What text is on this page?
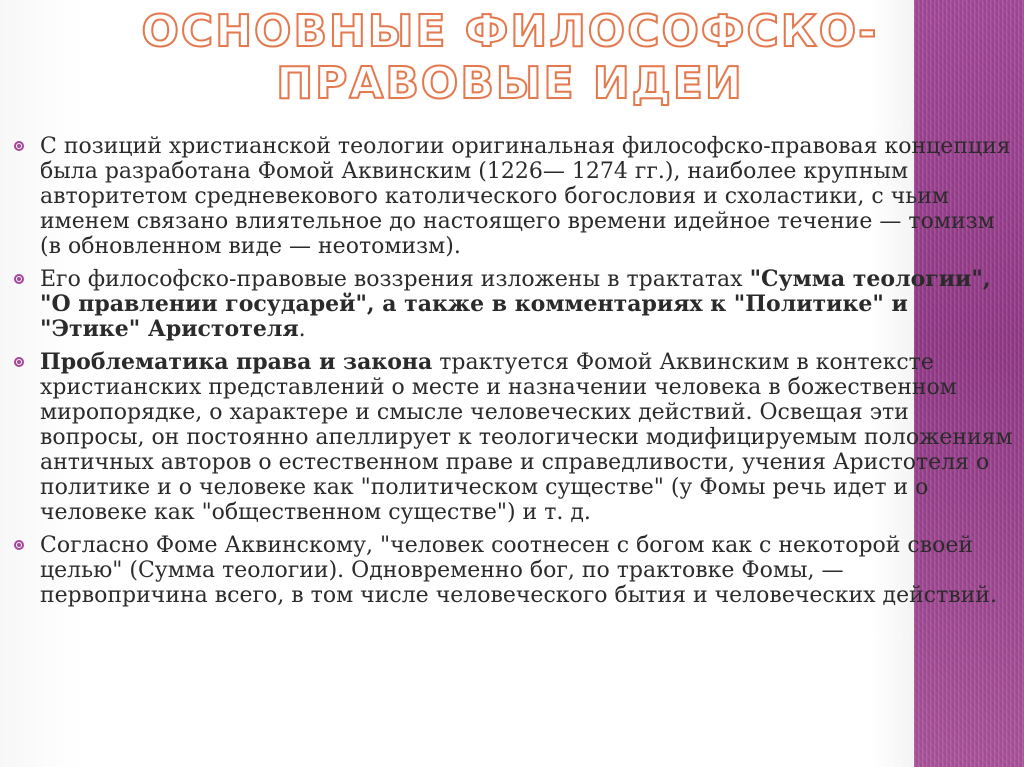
ОСНОВНЫЕ ФИЛОСОФСКО-
ПРАВОВЫЕ ИДЕИ
С позиций христианской теологии оригинальная философско-правовая концепция была разработана Фомой Аквинским (1226— 1274 гг.), наиболее крупным авторитетом средневекового католического богословия и схоластики, с чьим именем связано влиятельное до настоящего времени идейное течение — томизм (в обновленном виде — неотомизм).
Его философско-правовые воззрения изложены в трактатах "Сумма теологии", "О правлении государей", а также в комментариях к "Политике" и "Этике" Аристотеля.
Проблематика права и закона трактуется Фомой Аквинским в контексте христианских представлений о месте и назначении человека в божественном миропорядке, о характере и смысле человеческих действий. Освещая эти вопросы, он постоянно апеллирует к теологически модифицируемым положениям античных авторов о естественном праве и справедливости, учения Аристотеля о политике и о человеке как "политическом существе" (у Фомы речь идет и о человеке как "общественном существе") и т. д.
Согласно Фоме Аквинскому, "человек соотнесен с богом как с некоторой своей целью" (Сумма теологии). Одновременно бог, по трактовке Фомы, — первопричина всего, в том числе человеческого бытия и человеческих действий.
